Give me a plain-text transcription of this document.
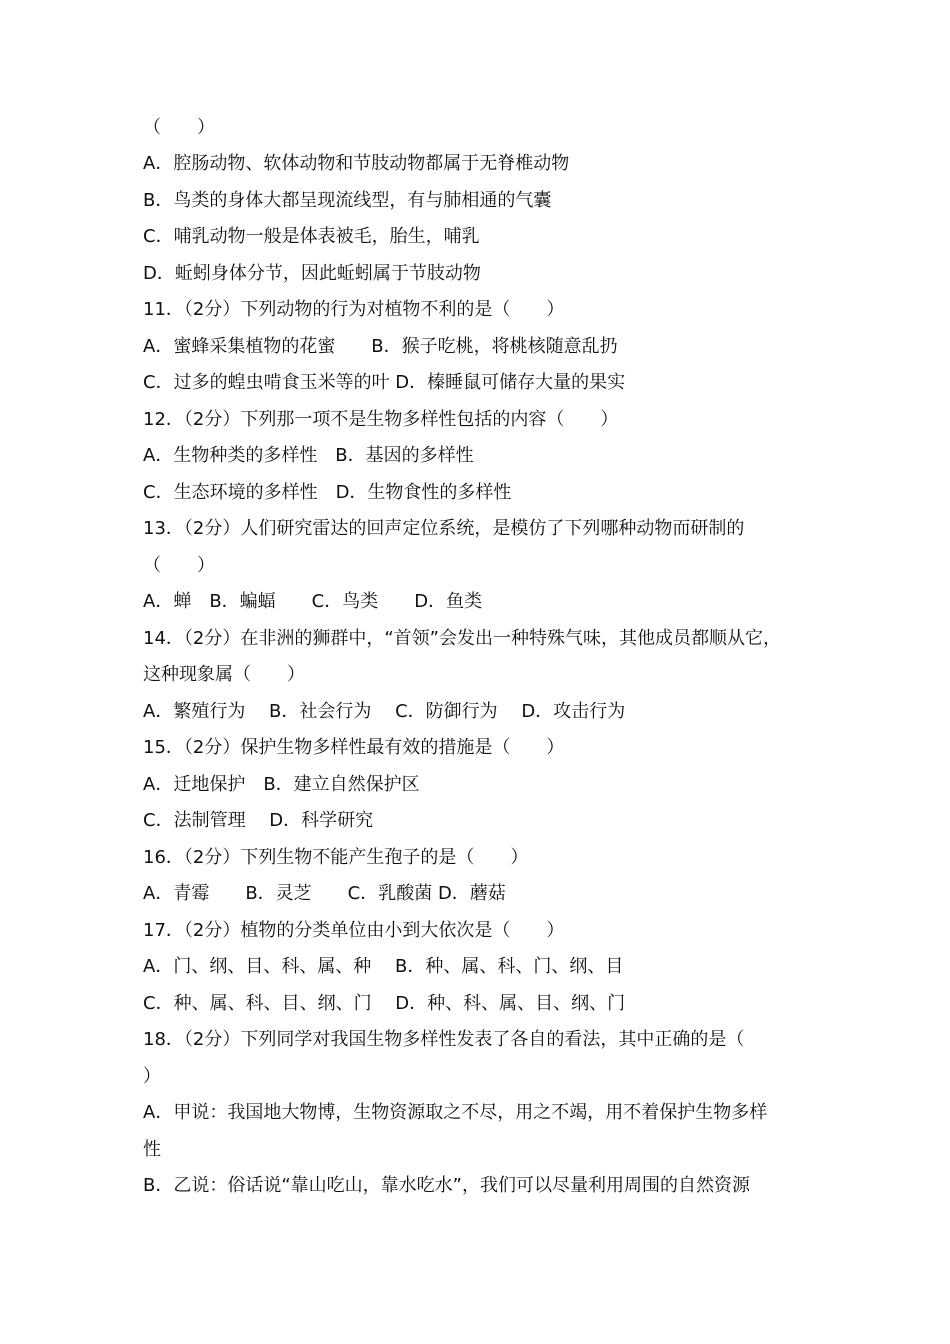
（　　）
A．腔肠动物、软体动物和节肢动物都属于无脊椎动物
B．鸟类的身体大都呈现流线型，有与肺相通的气囊
C．哺乳动物一般是体表被毛，胎生，哺乳
D．蚯蚓身体分节，因此蚯蚓属于节肢动物
11．（2分）下列动物的行为对植物不利的是（　　）
A．蜜蜂采集植物的花蜜　　B．猴子吃桃，将桃核随意乱扔
C．过多的蝗虫啃食玉米等的叶 D．榛睡鼠可储存大量的果实
12．（2分）下列那一项不是生物多样性包括的内容（　　）
A．生物种类的多样性　B．基因的多样性
C．生态环境的多样性　D．生物食性的多样性
13．（2分）人们研究雷达的回声定位系统，是模仿了下列哪种动物而研制的
（　　）
A．蝉　B．蝙蝠　　C．鸟类　　D．鱼类
14．（2分）在非洲的狮群中，“首领”会发出一种特殊气味，其他成员都顺从它，
这种现象属（　　）
A．繁殖行为　 B．社会行为　 C．防御行为　 D．攻击行为
15．（2分）保护生物多样性最有效的措施是（　　）
A．迁地保护　B．建立自然保护区
C．法制管理　 D．科学研究
16．（2分）下列生物不能产生孢子的是（　　）
A．青霉　　B．灵芝　　C．乳酸菌 D．蘑菇
17．（2分）植物的分类单位由小到大依次是（　　）
A．门、纲、目、科、属、种　 B．种、属、科、门、纲、目
C．种、属、科、目、纲、门　 D．种、科、属、目、纲、门
18．（2分）下列同学对我国生物多样性发表了各自的看法，其中正确的是（
）
A．甲说：我国地大物博，生物资源取之不尽，用之不竭，用不着保护生物多样
性
B．乙说：俗话说“靠山吃山，靠水吃水”，我们可以尽量利用周围的自然资源
